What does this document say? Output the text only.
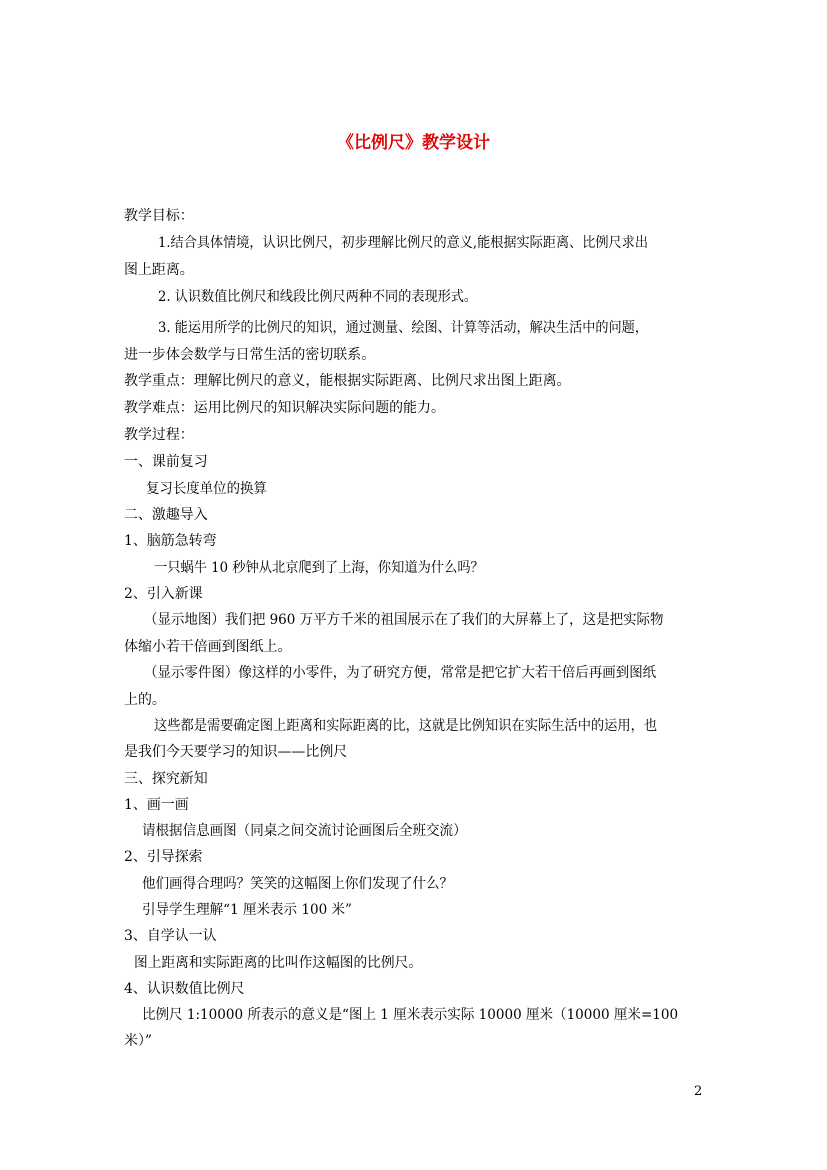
《比例尺》教学设计
教学目标：
1.结合具体情境，认识比例尺，初步理解比例尺的意义,能根据实际距离、比例尺求出
图上距离。
2. 认识数值比例尺和线段比例尺两种不同的表现形式。
3. 能运用所学的比例尺的知识，通过测量、绘图、计算等活动，解决生活中的问题，
进一步体会数学与日常生活的密切联系。
教学重点：理解比例尺的意义，能根据实际距离、比例尺求出图上距离。
教学难点：运用比例尺的知识解决实际问题的能力。
教学过程：
一、课前复习
复习长度单位的换算
二、激趣导入
1、脑筋急转弯
一只蜗牛 10 秒钟从北京爬到了上海，你知道为什么吗？
2、引入新课
（显示地图）我们把 960 万平方千米的祖国展示在了我们的大屏幕上了，这是把实际物
体缩小若干倍画到图纸上。
（显示零件图）像这样的小零件，为了研究方便，常常是把它扩大若干倍后再画到图纸
上的。
这些都是需要确定图上距离和实际距离的比，这就是比例知识在实际生活中的运用，也
是我们今天要学习的知识——比例尺
三、探究新知
1、画一画
请根据信息画图（同桌之间交流讨论画图后全班交流）
2、引导探索
他们画得合理吗？笑笑的这幅图上你们发现了什么？
引导学生理解“1 厘米表示 100 米”
3、自学认一认
图上距离和实际距离的比叫作这幅图的比例尺。
4、认识数值比例尺
比例尺 1:10000 所表示的意义是“图上 1 厘米表示实际 10000 厘米（10000 厘米=100
米）”
2
